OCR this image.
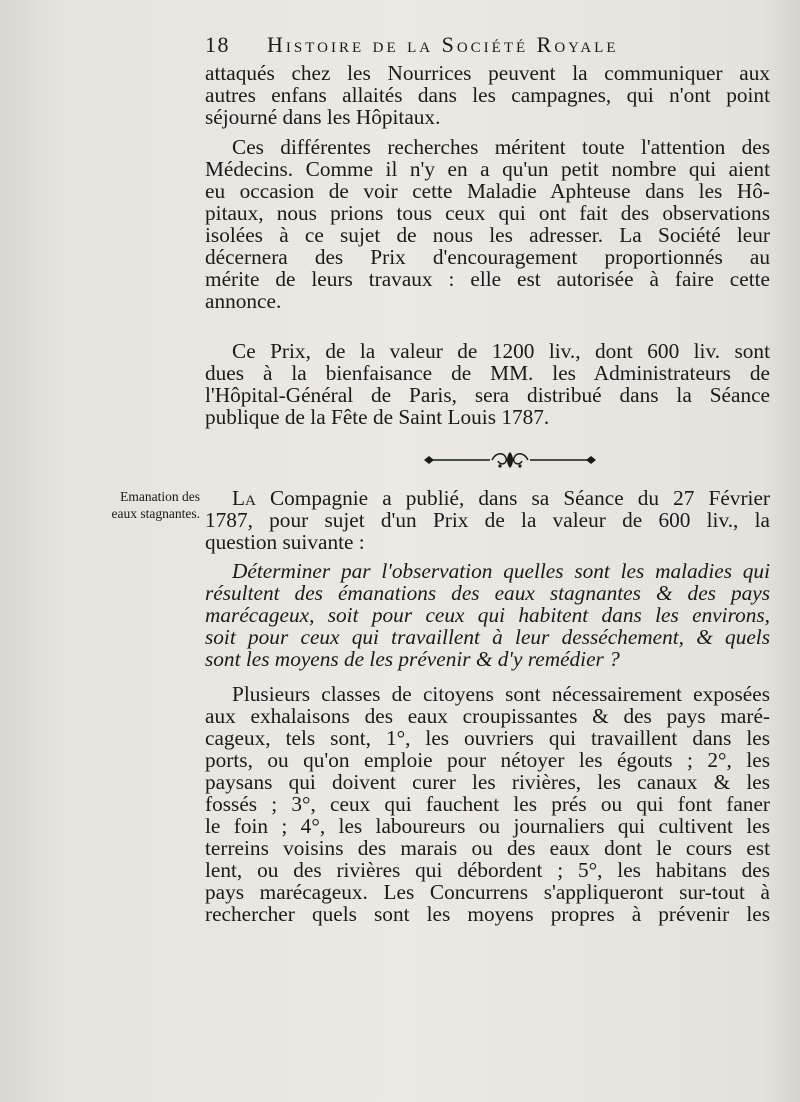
18 Histoire de la Société Royale
attaqués chez les Nourrices peuvent la communiquer aux
autres enfans allaités dans les campagnes, qui n'ont point
séjourné dans les Hôpitaux.
Ces différentes recherches méritent toute l'attention des
Médecins. Comme il n'y en a qu'un petit nombre qui aient
eu occasion de voir cette Maladie Aphteuse dans les Hô-
pitaux, nous prions tous ceux qui ont fait des observations
isolées à ce sujet de nous les adresser. La Société leur
décernera des Prix d'encouragement proportionnés au
mérite de leurs travaux : elle est autorisée à faire cette
annonce.
Ce Prix, de la valeur de 1200 liv., dont 600 liv. sont
dues à la bienfaisance de MM. les Administrateurs de
l'Hôpital-Général de Paris, sera distribué dans la Séance
publique de la Fête de Saint Louis 1787.
Emanation des
eaux stagnantes.
La Compagnie a publié, dans sa Séance du 27 Février
1787, pour sujet d'un Prix de la valeur de 600 liv., la
question suivante :
Déterminer par l'observation quelles sont les maladies qui
résultent des émanations des eaux stagnantes & des pays
marécageux, soit pour ceux qui habitent dans les environs,
soit pour ceux qui travaillent à leur desséchement, & quels
sont les moyens de les prévenir & d'y remédier ?
Plusieurs classes de citoyens sont nécessairement exposées
aux exhalaisons des eaux croupissantes & des pays maré-
cageux, tels sont, 1°, les ouvriers qui travaillent dans les
ports, ou qu'on emploie pour nétoyer les égouts ; 2°, les
paysans qui doivent curer les rivières, les canaux & les
fossés ; 3°, ceux qui fauchent les prés ou qui font faner
le foin ; 4°, les laboureurs ou journaliers qui cultivent les
terreins voisins des marais ou des eaux dont le cours est
lent, ou des rivières qui débordent ; 5°, les habitans des
pays marécageux. Les Concurrens s'appliqueront sur-tout à
rechercher quels sont les moyens propres à prévenir les
